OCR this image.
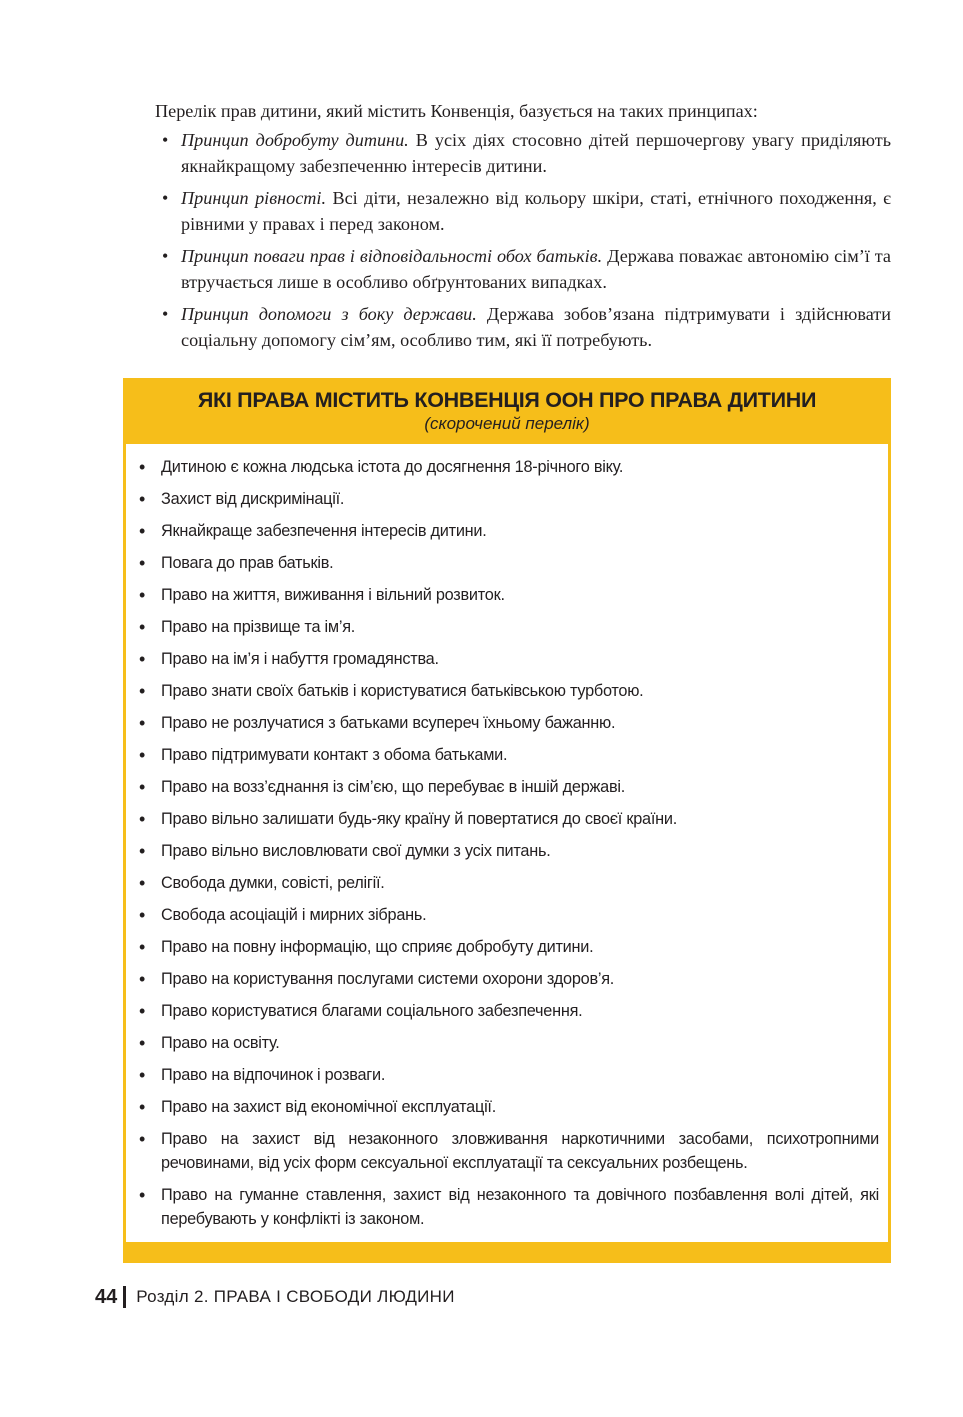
Перелік прав дитини, який містить Конвенція, базується на таких принципах:

• Принцип добробуту дитини. В усіх діях стосовно дітей першочергову увагу приділяють якнайкращому забезпеченню інтересів дитини.
• Принцип рівності. Всі діти, незалежно від кольору шкіри, статі, етнічного походження, є рівними у правах і перед законом.
• Принцип поваги прав і відповідальності обох батьків. Держава поважає автономію сім’ї та втручається лише в особливо обґрунтованих випадках.
• Принцип допомоги з боку держави. Держава зобов’язана підтримувати і здійснювати соціальну допомогу сім’ям, особливо тим, які її потребують.
ЯКІ ПРАВА МІСТИТЬ КОНВЕНЦІЯ ООН ПРО ПРАВА ДИТИНИ
(скорочений перелік)
• Дитиною є кожна людська істота до досягнення 18-річного віку.
• Захист від дискримінації.
• Якнайкраще забезпечення інтересів дитини.
• Повага до прав батьків.
• Право на життя, виживання і вільний розвиток.
• Право на прізвище та ім’я.
• Право на ім’я і набуття громадянства.
• Право знати своїх батьків і користуватися батьківською турботою.
• Право не розлучатися з батьками всупереч їхньому бажанню.
• Право підтримувати контакт з обома батьками.
• Право на возз’єднання із сім’єю, що перебуває в іншій державі.
• Право вільно залишати будь-яку країну й повертатися до своєї країни.
• Право вільно висловлювати свої думки з усіх питань.
• Свобода думки, совісті, релігії.
• Свобода асоціацій і мирних зібрань.
• Право на повну інформацію, що сприяє добробуту дитини.
• Право на користування послугами системи охорони здоров’я.
• Право користуватися благами соціального забезпечення.
• Право на освіту.
• Право на відпочинок і розваги.
• Право на захист від економічної експлуатації.
• Право на захист від незаконного зловживання наркотичними засобами, психотропними речовинами, від усіх форм сексуальної експлуатації та сексуальних розбещень.
• Право на гуманне ставлення, захист від незаконного та довічного позбавлення волі дітей, які перебувають у конфлікті із законом.
44 Розділ 2. ПРАВА І СВОБОДИ ЛЮДИНИ
